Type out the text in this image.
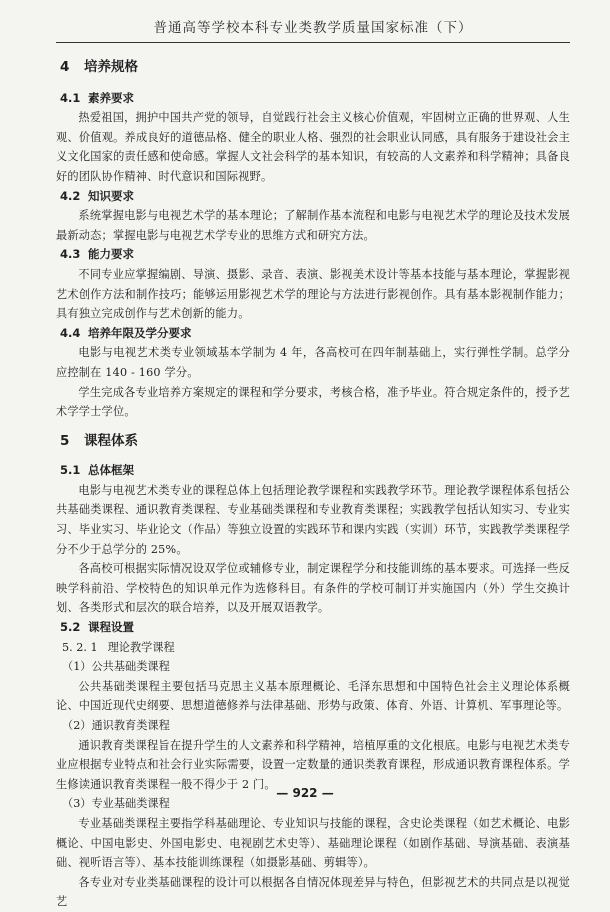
普通高等学校本科专业类教学质量国家标准（下）
4 培养规格
4.1 素养要求

热爱祖国，拥护中国共产党的领导，自觉践行社会主义核心价值观，牢固树立正确的世界观、人生观、价值观。养成良好的道德品格、健全的职业人格、强烈的社会职业认同感，具有服务于建设社会主义文化国家的责任感和使命感。掌握人文社会科学的基本知识，有较高的人文素养和科学精神；具备良好的团队协作精神、时代意识和国际视野。

4.2 知识要求

系统掌握电影与电视艺术学的基本理论；了解制作基本流程和电影与电视艺术学的理论及技术发展最新动态；掌握电影与电视艺术学专业的思维方式和研究方法。

4.3 能力要求

不同专业应掌握编剧、导演、摄影、录音、表演、影视美术设计等基本技能与基本理论，掌握影视艺术创作方法和制作技巧；能够运用影视艺术学的理论与方法进行影视创作。具有基本影视制作能力；具有独立完成创作与艺术创新的能力。

4.4 培养年限及学分要求

电影与电视艺术类专业领域基本学制为 4 年，各高校可在四年制基础上，实行弹性学制。总学分应控制在 140 - 160 学分。

学生完成各专业培养方案规定的课程和学分要求，考核合格，准予毕业。符合规定条件的，授予艺术学学士学位。

5 课程体系
5.1 总体框架

电影与电视艺术类专业的课程总体上包括理论教学课程和实践教学环节。理论教学课程体系包括公共基础类课程、通识教育类课程、专业基础类课程和专业教育类课程；实践教学包括认知实习、专业实习、毕业实习、毕业论文（作品）等独立设置的实践环节和课内实践（实训）环节，实践教学类课程学分不少于总学分的 25%。

各高校可根据实际情况设双学位或辅修专业，制定课程学分和技能训练的基本要求。可选择一些反映学科前沿、学校特色的知识单元作为选修科目。有条件的学校可制订并实施国内（外）学生交换计划、各类形式和层次的联合培养，以及开展双语教学。

5.2 课程设置
5. 2. 1 理论教学课程
（1）公共基础类课程

公共基础类课程主要包括马克思主义基本原理概论、毛泽东思想和中国特色社会主义理论体系概论、中国近现代史纲要、思想道德修养与法律基础、形势与政策、体育、外语、计算机、军事理论等。

（2）通识教育类课程

通识教育类课程旨在提升学生的人文素养和科学精神，培植厚重的文化根底。电影与电视艺术类专业应根据专业特点和社会行业实际需要，设置一定数量的通识类教育课程，形成通识教育课程体系。学生修读通识教育类课程一般不得少于 2 门。

（3）专业基础类课程

专业基础类课程主要指学科基础理论、专业知识与技能的课程，含史论类课程（如艺术概论、电影概论、中国电影史、外国电影史、电视剧艺术史等）、基础理论课程（如剧作基础、导演基础、表演基础、视听语言等）、基本技能训练课程（如摄影基础、剪辑等）。

各专业对专业类基础课程的设计可以根据各自情况体现差异与特色，但影视艺术的共同点是以视觉艺

— 922 —
